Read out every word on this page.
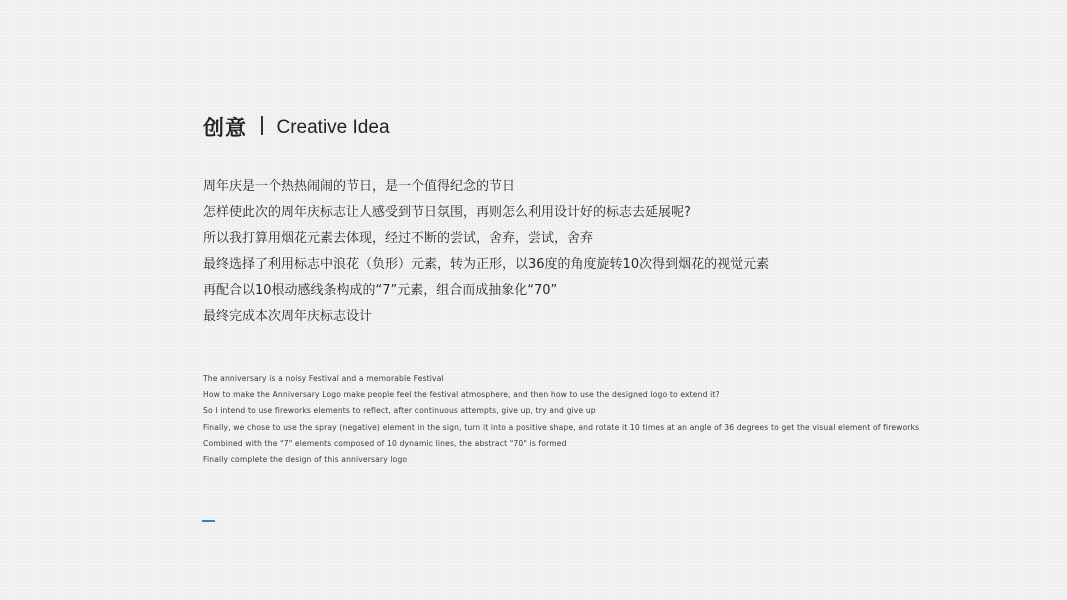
创意 Creative Idea
周年庆是一个热热闹闹的节日，是一个值得纪念的节日
怎样使此次的周年庆标志让人感受到节日氛围，再则怎么利用设计好的标志去延展呢?
所以我打算用烟花元素去体现，经过不断的尝试，舍弃，尝试，舍弃
最终选择了利用标志中浪花（负形）元素，转为正形，以36度的角度旋转10次得到烟花的视觉元素
再配合以10根动感线条构成的“7”元素，组合而成抽象化“70”
最终完成本次周年庆标志设计
The anniversary is a noisy Festival and a memorable Festival
How to make the Anniversary Logo make people feel the festival atmosphere, and then how to use the designed logo to extend it?
So I intend to use fireworks elements to reflect, after continuous attempts, give up, try and give up
Finally, we chose to use the spray (negative) element in the sign, turn it into a positive shape, and rotate it 10 times at an angle of 36 degrees to get the visual element of fireworks
Combined with the "7" elements composed of 10 dynamic lines, the abstract "70" is formed
Finally complete the design of this anniversary logo
